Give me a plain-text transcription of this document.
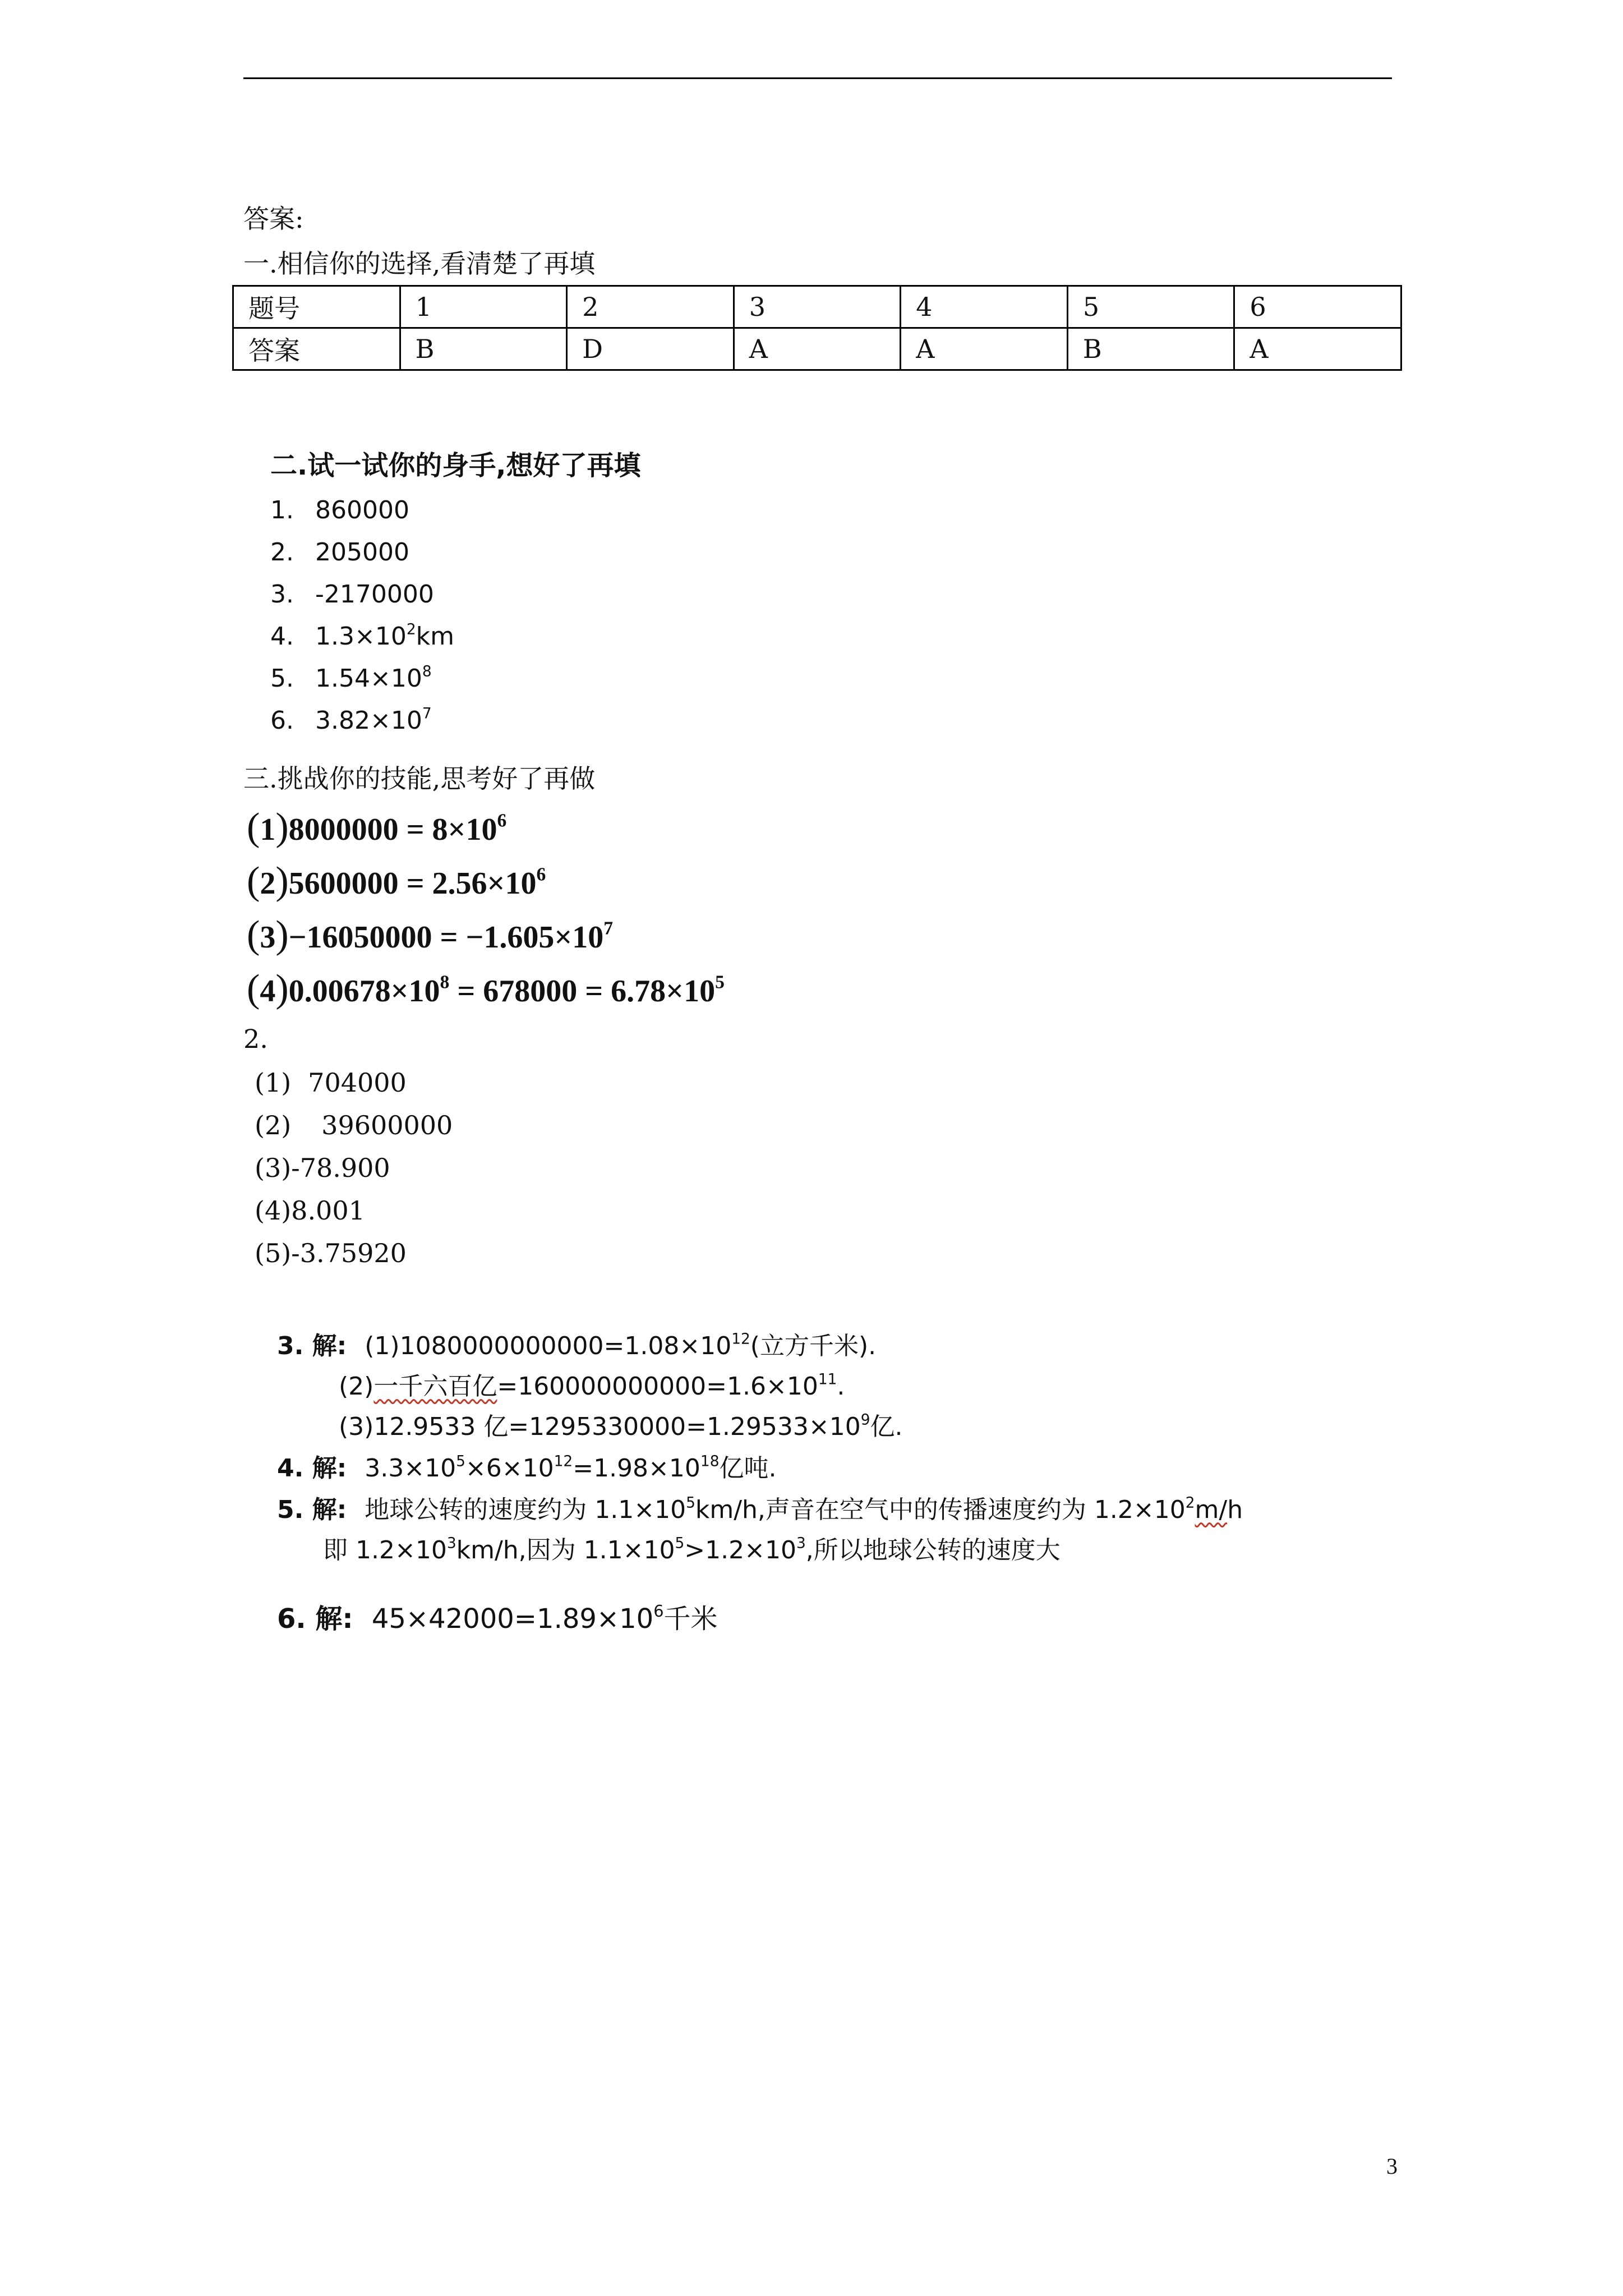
答案:
一.相信你的选择,看清楚了再填
题号	1	2	3	4	5	6
答案	B	D	A	A	B	A
二.试一试你的身手,想好了再填
1. 860000
2. 205000
3. -2170000
4. $1.3\times 10^2km$
5. $1.54\times 10^8$
6. $3.82\times 10^7$
三.挑战你的技能,思考好了再做
$(1)8000000 = 8\times 10^6$
$(2)5600000 = 2.56\times 10^6$
$(3)-16050000 = -1.605\times 10^7$
$(4)0.00678\times 10^8 = 678000 = 6.78\times 10^5$
2.
(1) 704000
(2) 39600000
(3)-78.900
(4)8.001
(5)-3.75920
3. 解: $(1)1080000000000=1.08\times 10^{12}$(立方千米).
(2)一千六百亿$=160000000000=1.6\times 10^{11}$.
(3)12.9533 亿$=1295330000=1.29533\times 10^9$亿.
4. 解: $3.3\times 10^5\times 6\times 10^{12}=1.98\times 10^{18}$亿吨.
5. 解: 地球公转的速度约为 $1.1\times 10^5km/h$,声音在空气中的传播速度约为 $1.2\times 10^2m/h$
即 $1.2\times 10^3km/h$,因为 $1.1\times 10^5>1.2\times 10^3$,所以地球公转的速度大
6. 解: $45\times 42000=1.89\times 10^6$千米
3
